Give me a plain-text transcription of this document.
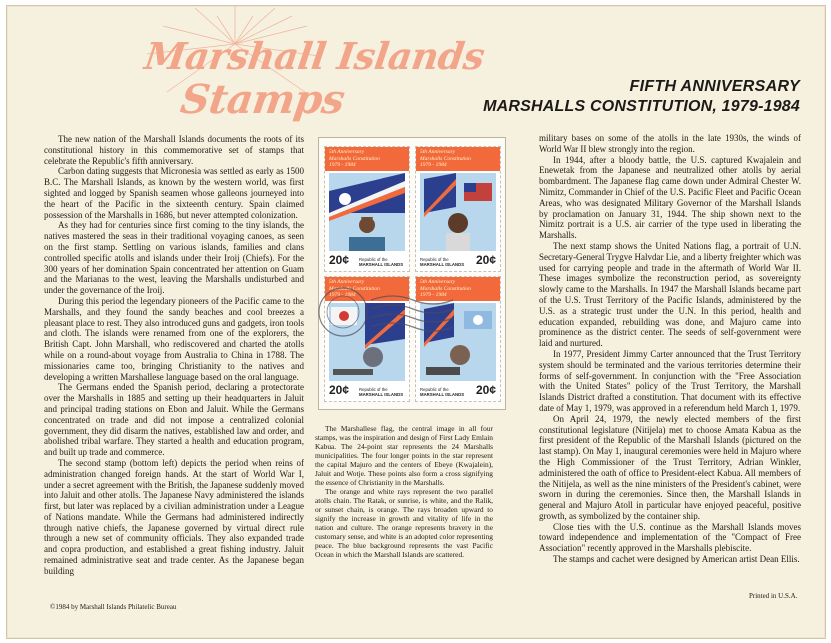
Marshall Islands
Stamps	FIFTH ANNIVERSARY
MARSHALLS CONSTITUTION, 1979-1984

The new nation of the Marshall Islands documents the roots of its constitutional history in this commemorative set of stamps that celebrate the Republic's fifth anniversary.

Carbon dating suggests that Micronesia was settled as early as 1500 B.C. The Marshall Islands, as known by the western world, was first sighted and logged by Spanish seamen whose galleons journeyed into the heart of the Pacific in the sixteenth century. Spain claimed possession of the Marshalls in 1686, but never attempted colonization.

As they had for centuries since first coming to the tiny islands, the natives mastered the seas in their traditional voyaging canoes, as seen on the first stamp. Settling on various islands, families and clans controlled specific atolls and islands under their Iroij (Chiefs). For the 300 years of her domination Spain concentrated her attention on Guam and the Marianas to the west, leaving the Marshalls undisturbed and under the governance of the Iroij.

During this period the legendary pioneers of the Pacific came to the Marshalls, and they found the sandy beaches and cool breezes a pleasant place to rest. They also introduced guns and gadgets, iron tools and cloth. The islands were renamed from one of the explorers, the British Capt. John Marshall, who rediscovered and charted the atolls while on a round-about voyage from Australia to China in 1788. The missionaries came too, bringing Christianity to the natives and developing a written Marshallese language based on the oral language.

The Germans ended the Spanish period, declaring a protectorate over the Marshalls in 1885 and setting up their headquarters in Jaluit and principal trading stations on Ebon and Jaluit. While the Germans concentrated on trade and did not impose a centralized colonial government, they did disarm the natives, established law and order, and abolished tribal warfare. They started a health and education program, and built up trade and commerce.

The second stamp (bottom left) depicts the period when reins of administration changed foreign hands. At the start of World War I, under a secret agreement with the British, the Japanese suddenly moved into Jaluit and other atolls. The Japanese Navy administered the islands first, but later was replaced by a civilian administration under a League of Nations mandate. While the Germans had administered indirectly through native chiefs, the Japanese governed by virtual direct rule through a new set of community officials. They also expanded trade and copra production, and established a great fishing industry. Jaluit remained administrative seat and trade center. As the Japanese began building

5th Anniversary
Marshalls Constitution
1979 - 1984
20¢ Republic of the
MARSHALL ISLANDS
5th Anniversary
Marshalls Constitution
1979 - 1984
Republic of the
MARSHALL ISLANDS 20¢
5th Anniversary
Marshalls Constitution
1979 - 1984
20¢ Republic of the
MARSHALL ISLANDS
5th Anniversary
Marshalls Constitution
1979 - 1984
Republic of the
MARSHALL ISLANDS 20¢

The Marshallese flag, the central image in all four stamps, was the inspiration and design of First Lady Emlain Kabua. The 24-point star represents the 24 Marshalls municipalities. The four longer points in the star represent the capital Majuro and the centers of Ebeye (Kwajalein), Jaluit and Wotje. These points also form a cross signifying the essence of Christianity in the Marshalls.

The orange and white rays represent the two parallel atolls chain. The Ratak, or sunrise, is white, and the Ralik, or sunset chain, is orange. The rays broaden upward to signify the increase in growth and vitality of life in the nation and culture. The orange represents bravery in the customary sense, and white is an adopted color representing peace. The blue background represents the vast Pacific Ocean in which the Marshall Islands are scattered.

military bases on some of the atolls in the late 1930s, the winds of World War II blew strongly into the region.

In 1944, after a bloody battle, the U.S. captured Kwajalein and Enewetak from the Japanese and neutralized other atolls by aerial bombardment. The Japanese flag came down under Admiral Chester W. Nimitz, Commander in Chief of the U.S. Pacific Fleet and Pacific Ocean Areas, who was designated Military Governor of the Marshall Islands by proclamation on January 31, 1944. The ship shown next to the Nimitz portrait is a U.S. air carrier of the type used in liberating the Marshalls.

The next stamp shows the United Nations flag, a portrait of U.N. Secretary-General Trygve Halvdar Lie, and a liberty freighter which was used for carrying people and trade in the aftermath of World War II. These images symbolize the reconstruction period, as sovereignty slowly came to the Marshalls. In 1947 the Marshall Islands became part of the U.S. Trust Territory of the Pacific Islands, administered by the U.S. as a strategic trust under the U.N. In this period, health and education expanded, rebuilding was done, and Majuro came into prominence as the district center. The seeds of self-government were laid and nurtured.

In 1977, President Jimmy Carter announced that the Trust Territory system should be terminated and the various territories determine their forms of self-government. In conjunction with the "Free Association with the United States" policy of the Trust Territory, the Marshall Islands District drafted a constitution. That document with its effective date of May 1, 1979, was approved in a referendum held March 1, 1979.

On April 24, 1979, the newly elected members of the first constitutional legislature (Nitijela) met to choose Amata Kabua as the first president of the Republic of the Marshall Islands (pictured on the last stamp). On May 1, inaugural ceremonies were held in Majuro where the High Commissioner of the Trust Territory, Adrian Winkler, administered the oath of office to President-elect Kabua. All members of the Nitijela, as well as the nine ministers of the President's cabinet, were sworn in during the ceremonies. Since then, the Marshall Islands in general and Majuro Atoll in particular have enjoyed peaceful, positive growth, as symbolized by the container ship.

Close ties with the U.S. continue as the Marshall Islands moves toward independence and implementation of the "Compact of Free Association" recently approved in the Marshalls plebiscite.

The stamps and cachet were designed by American artist Dean Ellis.

©1984 by Marshall Islands Philatelic Bureau
Printed in U.S.A.
